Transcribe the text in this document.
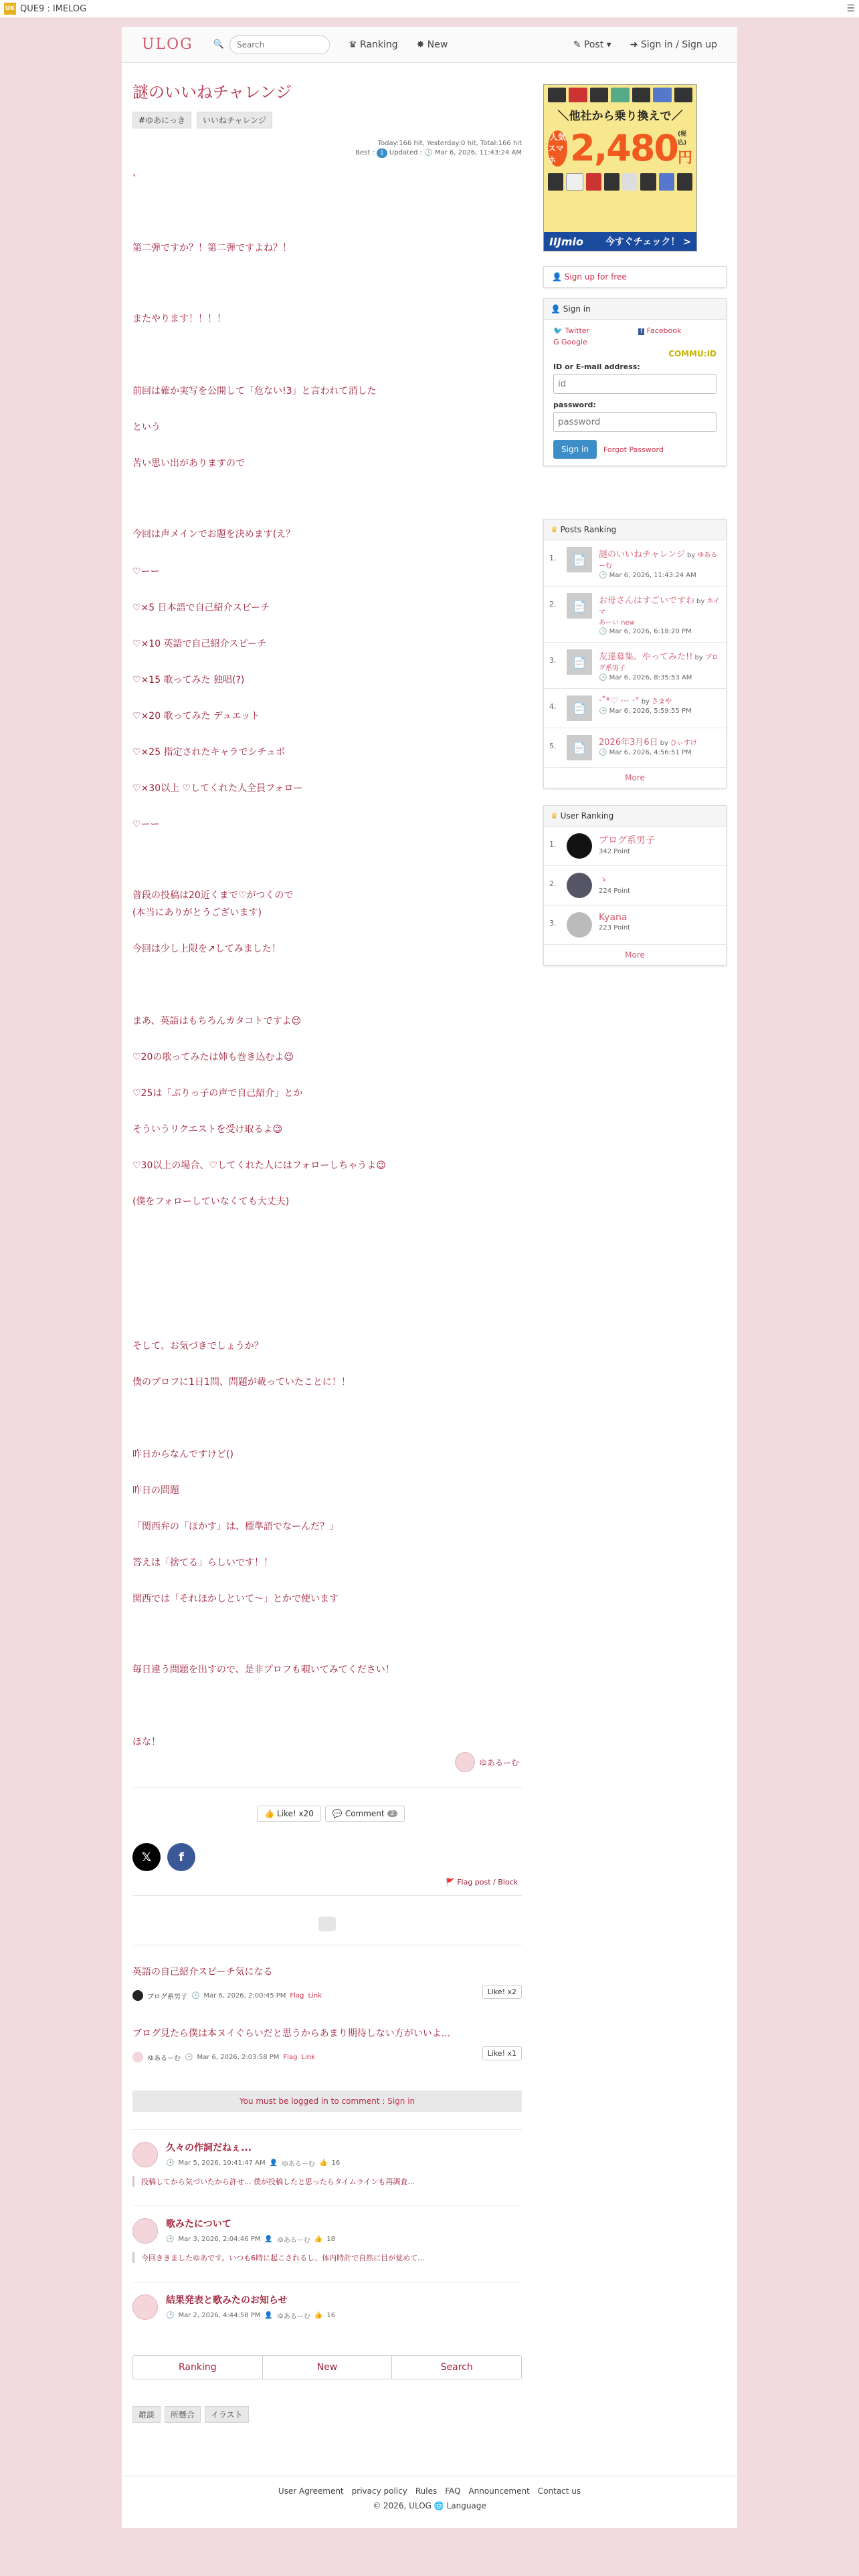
UK QUE9 : IMELOG	☰
ULOG 🔍
Search	♛ Ranking ✸ New	✎ Post ▾ ➜ Sign in / Sign up
謎のいいねチャレンジ
#ゆあにっき	いいねチャレンジ
Today:166 hit, Yesterday:0 hit, Total:166 hit
Best : 1 Updated : 🕒 Mar 6, 2026, 11:43:24 AM

、

第二弾ですか？！第二弾ですよね？！

またやります！！！！

前回は確か実写を公開して「危ない!3」と言われて消した

という

苦い思い出がありますので

今回は声メインでお題を決めます(え？

♡ーー

♡×5 日本語で自己紹介スピーチ

♡×10 英語で自己紹介スピーチ

♡×15 歌ってみた 独唱(?)

♡×20 歌ってみた デュエット

♡×25 指定されたキャラでシチュボ

♡×30以上 ♡してくれた人全員フォロー

♡ーー

普段の投稿は20近くまで♡がつくので

(本当にありがとうございます)

今回は少し上限を↗してみました！

まあ、英語はもちろんカタコトですよ😉

♡20の歌ってみたは姉も巻き込むよ😉

♡25は「ぶりっ子の声で自己紹介」とか

そういうリクエストを受け取るよ😉

♡30以上の場合、♡してくれた人にはフォローしちゃうよ😉

(僕をフォローしていなくても大丈夫)

そして、お気づきでしょうか？

僕のプロフに1日1問、問題が載っていたことに！！

昨日からなんですけど()

昨日の問題

「関西弁の「ほかす」は、標準語でなーんだ？」

答えは「捨てる」らしいです！！

関西では「それほかしといて〜」とかで使います

毎日違う問題を出すので、是非プロフも覗いてみてください！

ほな！

ゆあるーむ
👍 Like! x20 💬 Comment	2
𝕏	f
🚩 Flag post / Block
英語の自己紹介スピーチ気になる
ブログ系男子 🕒 Mar 6, 2026, 2:00:45 PM Flag Link	Like! x2
ブログ見たら僕は本ヌイぐらいだと思うからあまり期待しない方がいいよ...
ゆあるーむ 🕒 Mar 6, 2026, 2:03:58 PM Flag Link	Like! x1
You must be logged in to comment : Sign in
久々の作詞だねぇ...
🕒 Mar 5, 2026, 10:41:47 AM 👤 ゆあるーむ 👍 16
投稿してから気づいたから許せ... 僕が投稿したと思ったらタイムラインも再調査...
歌みたについて
🕒 Mar 3, 2026, 2:04:46 PM 👤 ゆあるーむ 👍 18
今回ききましたゆあです。いつも6時に起こされるし、体内時計で自然に目が覚めて...
結果発表と歌みたのお知らせ
🕒 Mar 2, 2026, 4:44:58 PM 👤 ゆあるーむ 👍 16
Ranking	New	Search
雑談	所懸合	イラスト
User Agreement privacy policy Rules FAQ Announcement Contact us
© 2026, ULOG 🌐 Language
＼他社から乗り換えで／
人気
スマホ 2,480 (税込)
円
IIJmio 今すぐチェック！ >
👤 Sign up for free
👤 Sign in
🐦 Twitter	f Facebook
G Google
COMMU:ID
ID or E-mail address:
id
password:
Sign in	Forgot Password
♛ Posts Ranking
1.	📄	謎のいいねチャレンジ by ゆあるーむ
🕒 Mar 6, 2026, 11:43:24 AM
2.	📄	お母さんはすごいですわ by ネイマ
あーい new
🕒 Mar 6, 2026, 6:18:20 PM
3.	📄	友達募集、やってみた!! by ブログ系男子
🕒 Mar 6, 2026, 8:35:53 AM
4.	📄
·˚*♡﻿ ⋯ ·° by さまや
🕒 Mar 6, 2026, 5:59:55 PM
5.	📄	2026年3月6日 by ひぃすけ
🕒 Mar 6, 2026, 4:56:51 PM
More
♛ User Ranking
1.	ブログ系男子
342 Point
2.	ゝ
224 Point
3.
Kyana
223 Point
More
